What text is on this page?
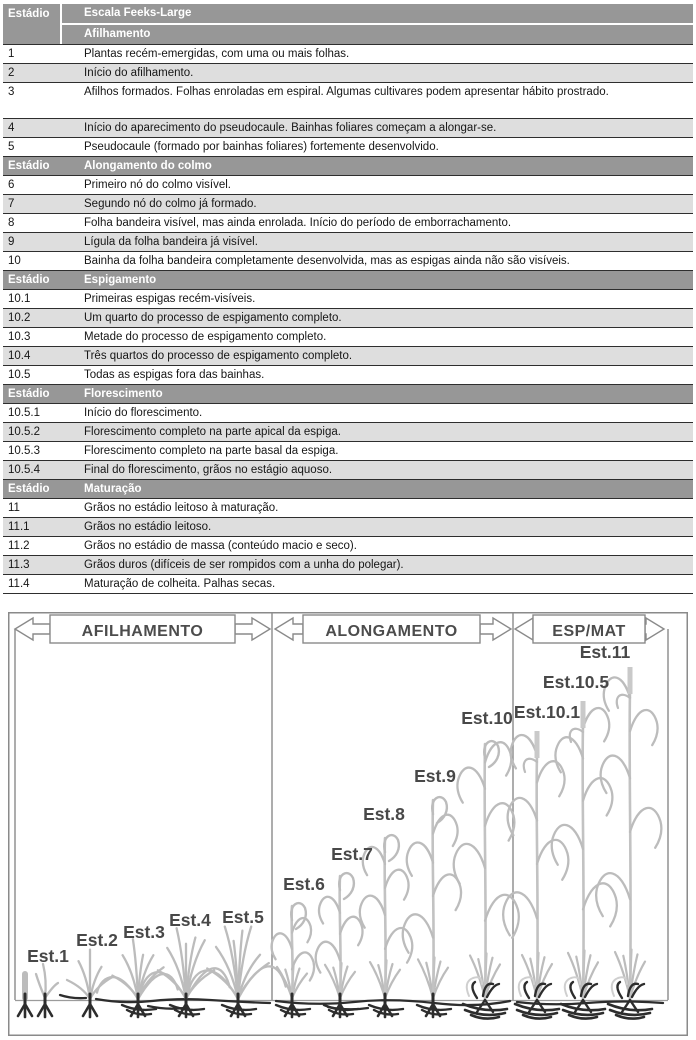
Estádio	Escala Feeks-Large
Afilhamento
1	Plantas recém-emergidas, com uma ou mais folhas.
2	Início do afilhamento.
3	Afilhos formados. Folhas enroladas em espiral. Algumas cultivares podem apresentar hábito prostrado.
4	Início do aparecimento do pseudocaule. Bainhas foliares começam a alongar-se.
5	Pseudocaule (formado por bainhas foliares) fortemente desenvolvido.
Estádio	Alongamento do colmo
6	Primeiro nó do colmo visível.
7	Segundo nó do colmo já formado.
8	Folha bandeira visível, mas ainda enrolada. Início do período de emborrachamento.
9	Lígula da folha bandeira já visível.
10	Bainha da folha bandeira completamente desenvolvida, mas as espigas ainda não são visíveis.
Estádio	Espigamento
10.1	Primeiras espigas recém-visíveis.
10.2	Um quarto do processo de espigamento completo.
10.3	Metade do processo de espigamento completo.
10.4	Três quartos do processo de espigamento completo.
10.5	Todas as espigas fora das bainhas.
Estádio	Florescimento
10.5.1	Início do florescimento.
10.5.2	Florescimento completo na parte apical da espiga.
10.5.3	Florescimento completo na parte basal da espiga.
10.5.4	Final do florescimento, grãos no estágio aquoso.
Estádio	Maturação
11	Grãos no estádio leitoso à maturação.
11.1	Grãos no estádio leitoso.
11.2	Grãos no estádio de massa (conteúdo macio e seco).
11.3	Grãos duros (difíceis de ser rompidos com a unha do polegar).
11.4	Maturação de colheita. Palhas secas.
AFILHAMENTO	ALONGAMENTO	ESP/MAT
Est.1
Est.2 Est.3
Est.4 Est.5
Est.6
Est.7
Est.8
Est.9
Est.10 Est.10.1
Est.10.5
Est.11
